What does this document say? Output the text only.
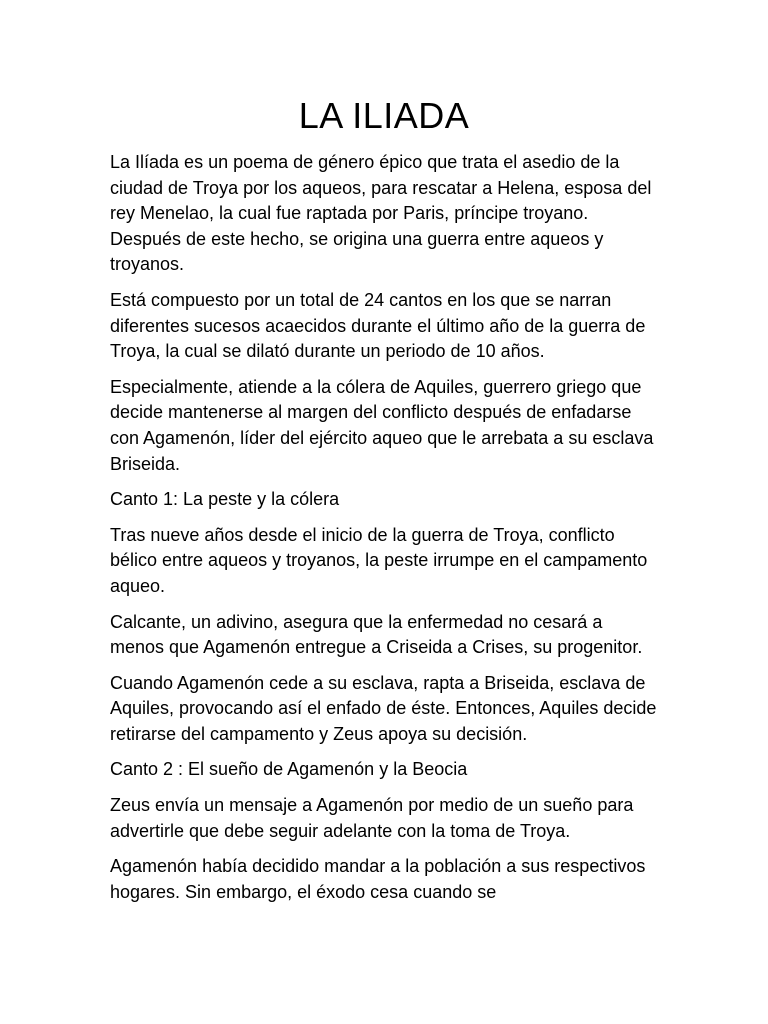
LA ILIADA

La Ilíada es un poema de género épico que trata el asedio de la ciudad de Troya por los aqueos, para rescatar a Helena, esposa del rey Menelao, la cual fue raptada por Paris, príncipe troyano. Después de este hecho, se origina una guerra entre aqueos y troyanos.

Está compuesto por un total de 24 cantos en los que se narran diferentes sucesos acaecidos durante el último año de la guerra de Troya, la cual se dilató durante un periodo de 10 años.

Especialmente, atiende a la cólera de Aquiles, guerrero griego que decide mantenerse al margen del conflicto después de enfadarse con Agamenón, líder del ejército aqueo que le arrebata a su esclava Briseida.

Canto 1: La peste y la cólera

Tras nueve años desde el inicio de la guerra de Troya, conflicto bélico entre aqueos y troyanos, la peste irrumpe en el campamento aqueo.

Calcante, un adivino, asegura que la enfermedad no cesará a menos que Agamenón entregue a Criseida a Crises, su progenitor.

Cuando Agamenón cede a su esclava, rapta a Briseida, esclava de Aquiles, provocando así el enfado de éste. Entonces, Aquiles decide retirarse del campamento y Zeus apoya su decisión.

Canto 2 : El sueño de Agamenón y la Beocia

Zeus envía un mensaje a Agamenón por medio de un sueño para advertirle que debe seguir adelante con la toma de Troya.

Agamenón había decidido mandar a la población a sus respectivos hogares. Sin embargo, el éxodo cesa cuando se
